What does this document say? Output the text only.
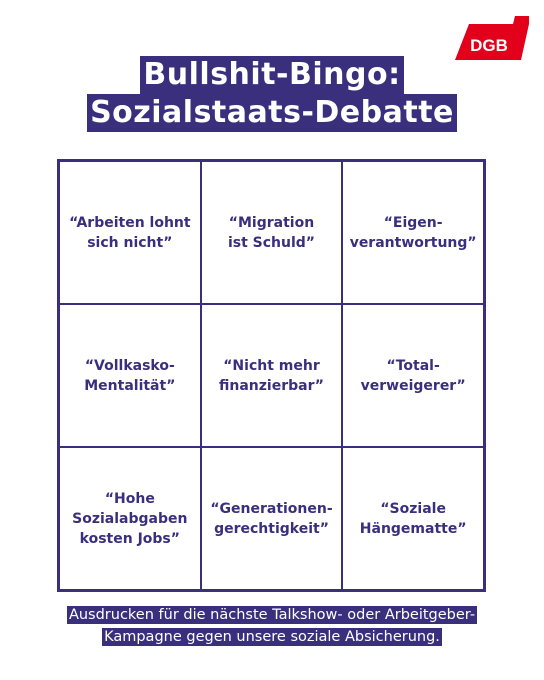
DGB
Bullshit-Bingo:
Sozialstaats-Debatte
“Arbeiten lohnt
sich nicht”
“Migration
ist Schuld”
“Eigen-
verantwortung”
“Vollkasko-
Mentalität”
“Nicht mehr
finanzierbar”
“Total-
verweigerer”
“Hohe
Sozialabgaben
kosten Jobs”
“Generationen-
gerechtigkeit”
“Soziale
Hängematte”
Ausdrucken für die nächste Talkshow- oder Arbeitgeber-Kampagne gegen unsere soziale Absicherung.
